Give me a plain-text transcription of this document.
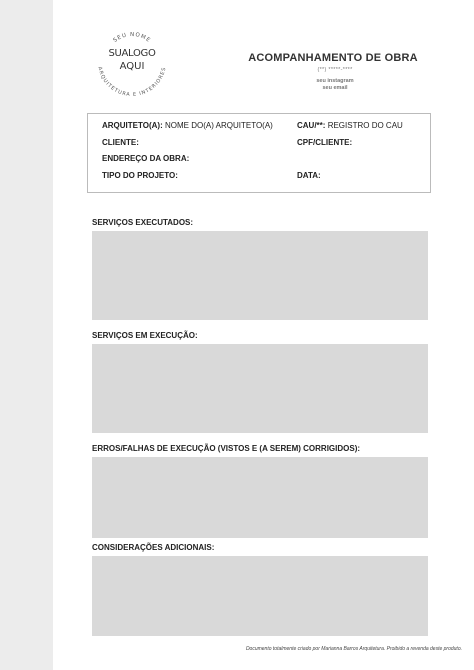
SEU NOME
ARQUITETURA E INTERIORES
SUALOGO
AQUI
ACOMPANHAMENTO DE OBRA
(**) *****-****
seu instagram
seu email
ARQUITETO(A): NOME DO(A) ARQUITETO(A)	CAU/**: REGISTRO DO CAU
CLIENTE:	CPF/CLIENTE:
ENDEREÇO DA OBRA:
TIPO DO PROJETO:	DATA:
SERVIÇOS EXECUTADOS:
SERVIÇOS EM EXECUÇÃO:
ERROS/FALHAS DE EXECUÇÃO (VISTOS E (A SEREM) CORRIGIDOS):
CONSIDERAÇÕES ADICIONAIS:
Documento totalmente criado por Marianna Barros Arquitetura. Proibido a revenda deste produto.
